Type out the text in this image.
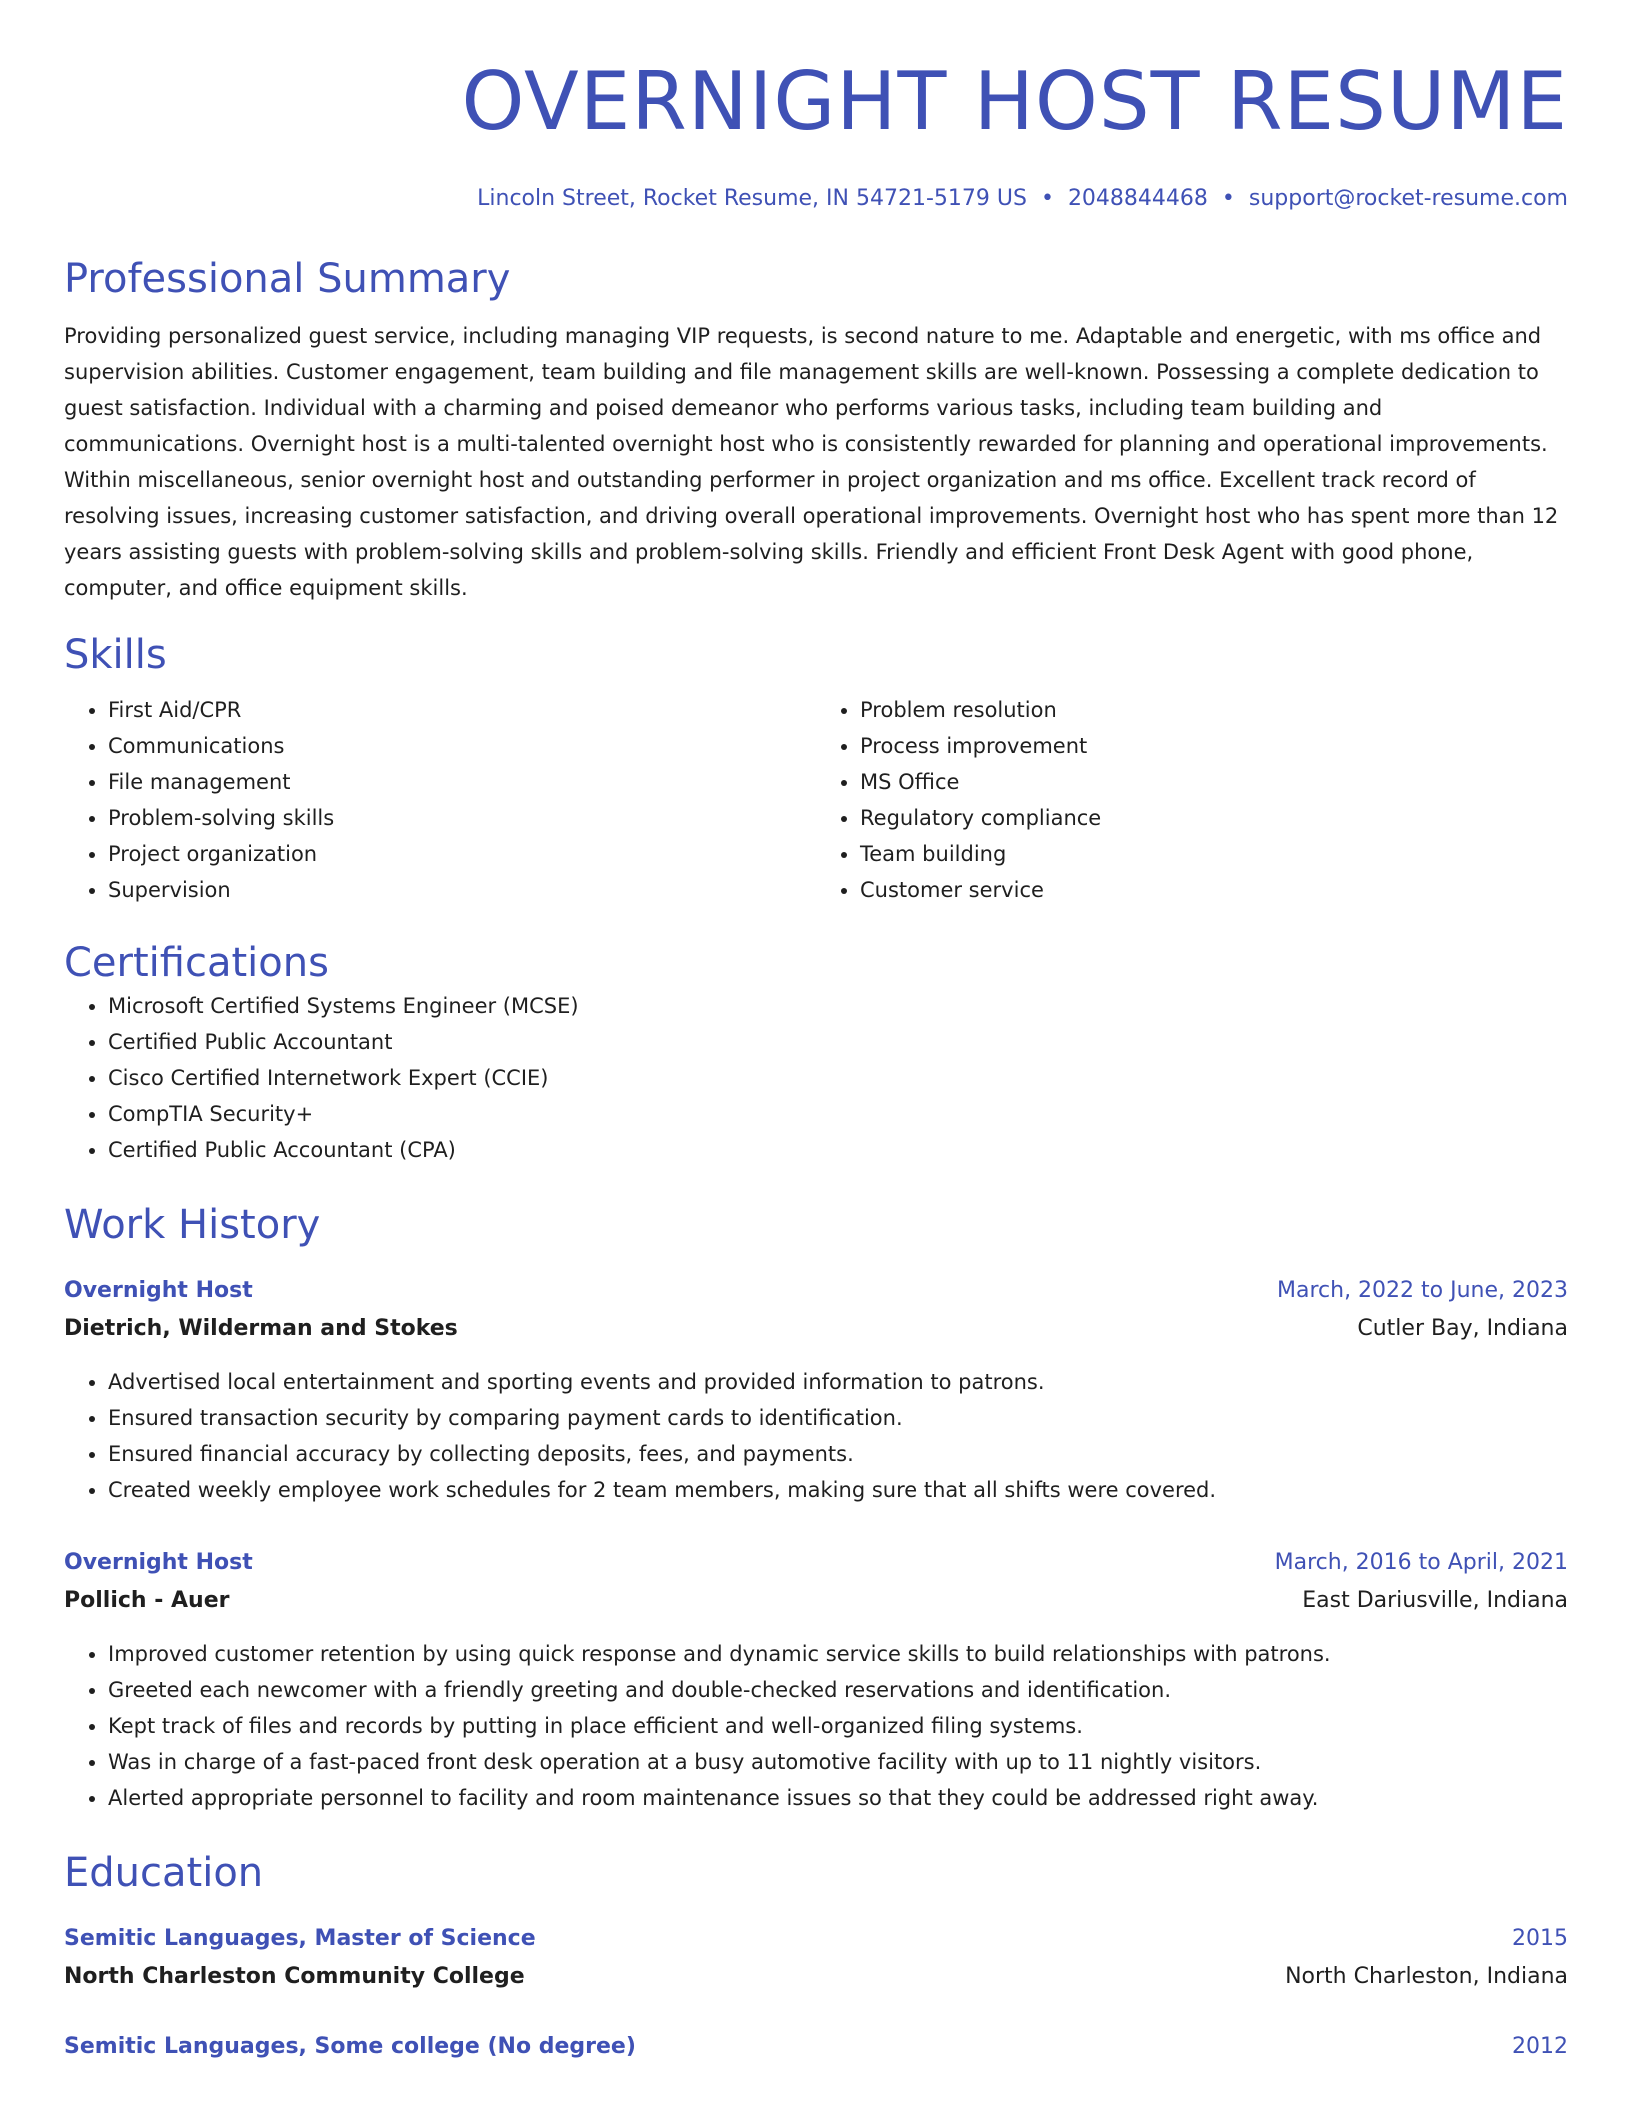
OVERNIGHT HOST RESUME
Lincoln Street, Rocket Resume, IN 54721-5179 US • 2048844468 • support@rocket-resume.com
Professional Summary

Providing personalized guest service, including managing VIP requests, is second nature to me. Adaptable and energetic, with ms office and supervision abilities. Customer engagement, team building and file management skills are well-known. Possessing a complete dedication to guest satisfaction. Individual with a charming and poised demeanor who performs various tasks, including team building and communications. Overnight host is a multi-talented overnight host who is consistently rewarded for planning and operational improvements. Within miscellaneous, senior overnight host and outstanding performer in project organization and ms office. Excellent track record of resolving issues, increasing customer satisfaction, and driving overall operational improvements. Overnight host who has spent more than 12 years assisting guests with problem-solving skills and problem-solving skills. Friendly and efficient Front Desk Agent with good phone, computer, and office equipment skills.

Skills
• First Aid/CPR
• Communications
• File management
• Problem-solving skills
• Project organization
• Supervision
• Problem resolution
• Process improvement
• MS Office
• Regulatory compliance
• Team building
• Customer service
Certifications
• Microsoft Certified Systems Engineer (MCSE)
• Certified Public Accountant
• Cisco Certified Internetwork Expert (CCIE)
• CompTIA Security+
• Certified Public Accountant (CPA)
Work History
Overnight Host	March, 2022 to June, 2023
Dietrich, Wilderman and Stokes	Cutler Bay, Indiana
• Advertised local entertainment and sporting events and provided information to patrons.
• Ensured transaction security by comparing payment cards to identification.
• Ensured financial accuracy by collecting deposits, fees, and payments.
• Created weekly employee work schedules for 2 team members, making sure that all shifts were covered.
Overnight Host	March, 2016 to April, 2021
Pollich - Auer	East Dariusville, Indiana
• Improved customer retention by using quick response and dynamic service skills to build relationships with patrons.
• Greeted each newcomer with a friendly greeting and double-checked reservations and identification.
• Kept track of files and records by putting in place efficient and well-organized filing systems.
• Was in charge of a fast-paced front desk operation at a busy automotive facility with up to 11 nightly visitors.
• Alerted appropriate personnel to facility and room maintenance issues so that they could be addressed right away.
Education
Semitic Languages, Master of Science	2015
North Charleston Community College	North Charleston, Indiana
Semitic Languages, Some college (No degree)	2012
